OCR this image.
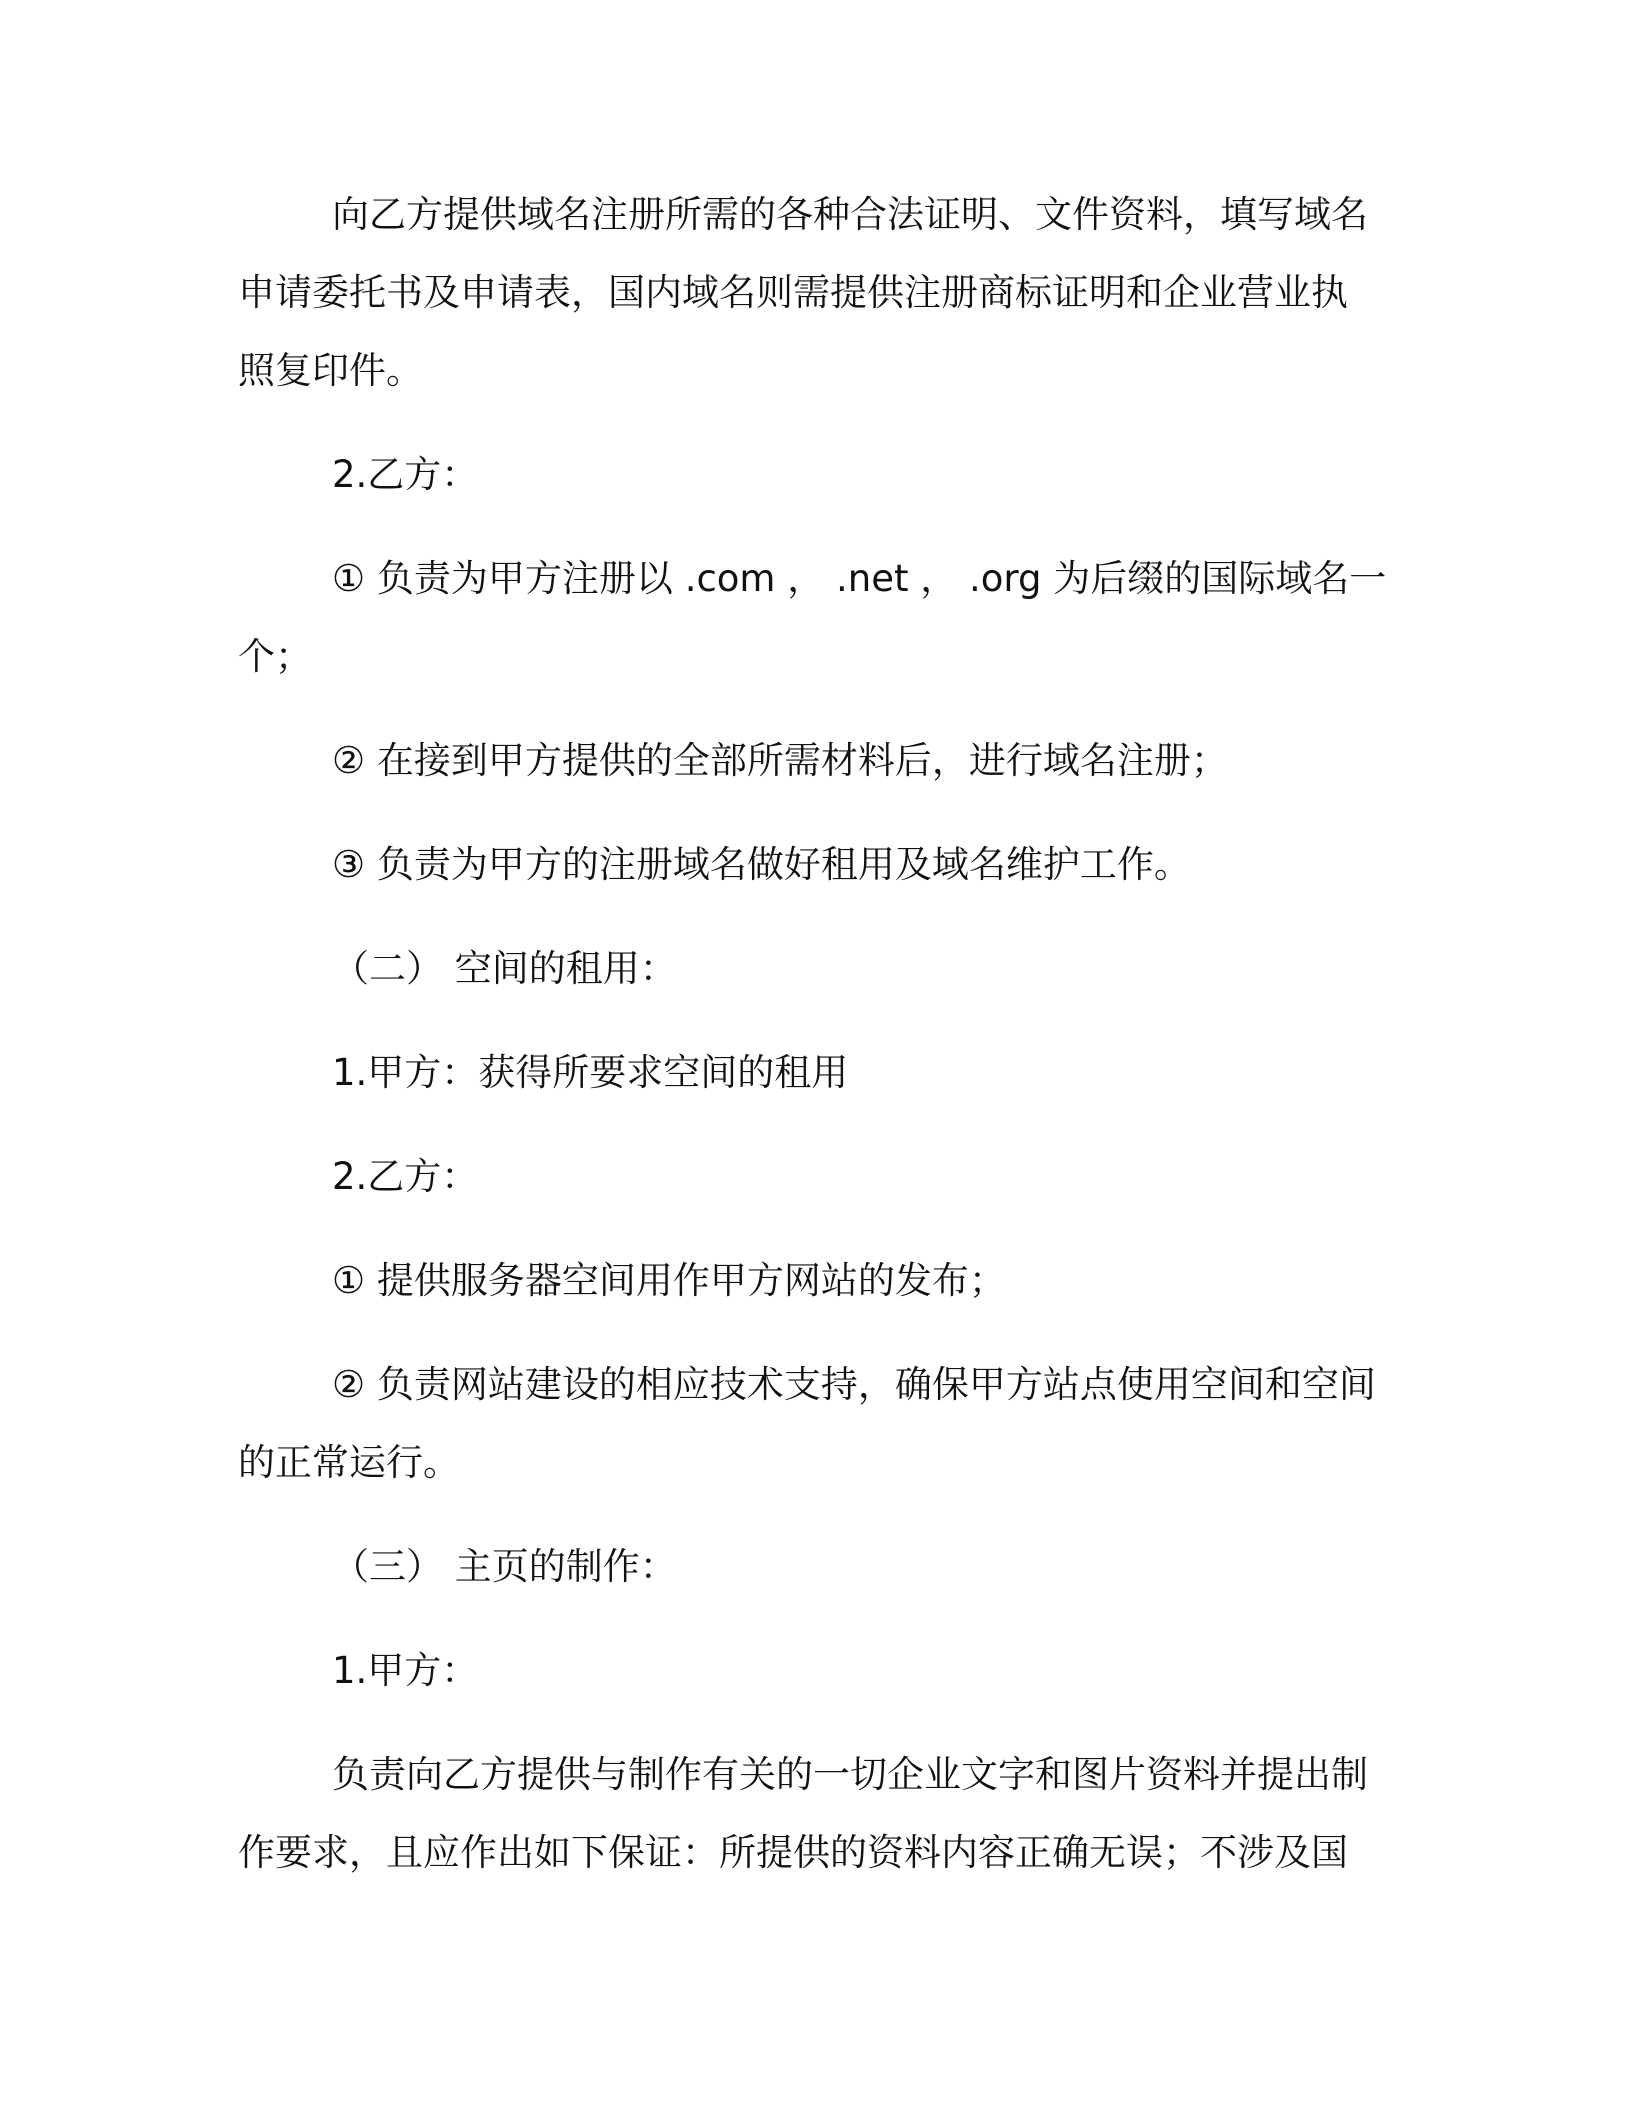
向乙方提供域名注册所需的各种合法证明、文件资料，填写域名
申请委托书及申请表，国内域名则需提供注册商标证明和企业营业执
照复印件。
2.乙方：
① 负责为甲方注册以 .com ， .net ， .org 为后缀的国际域名一
个；
② 在接到甲方提供的全部所需材料后，进行域名注册；
③ 负责为甲方的注册域名做好租用及域名维护工作。
（二） 空间的租用：
1.甲方：获得所要求空间的租用
2.乙方：
① 提供服务器空间用作甲方网站的发布；
② 负责网站建设的相应技术支持，确保甲方站点使用空间和空间
的正常运行。
（三） 主页的制作：
1.甲方：
负责向乙方提供与制作有关的一切企业文字和图片资料并提出制
作要求，且应作出如下保证：所提供的资料内容正确无误；不涉及国
